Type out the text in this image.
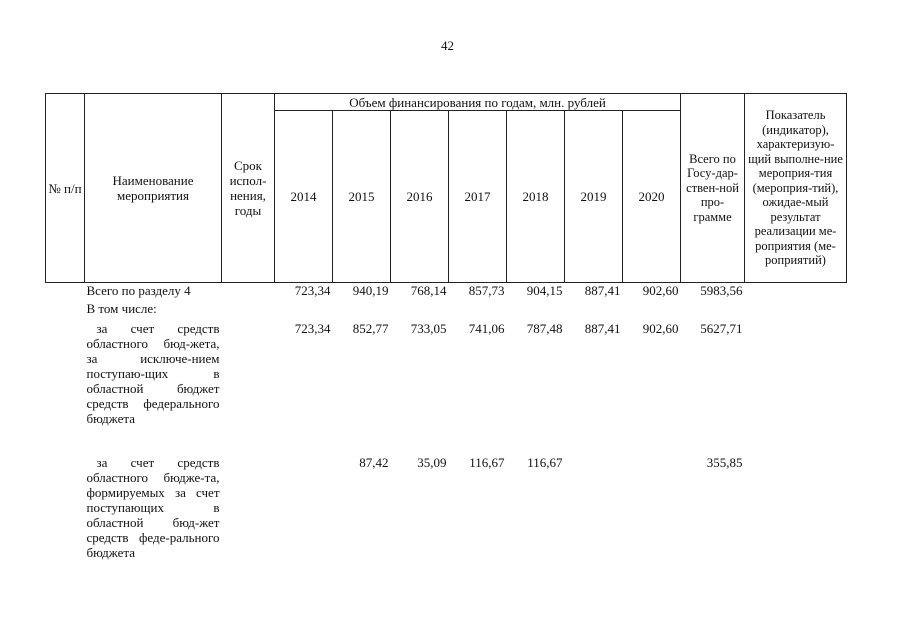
42
№ п/п	Наименование мероприятия	Срок испол-нения, годы	Объем финансирования по годам, млн. рублей							Всего по Госу-дар-ствен-ной про-грамме	Показатель (индикатор), характеризую-щий выполне-ние мероприя-тия (мероприя-тий), ожидае-мый результат реализации ме-роприятия (ме-роприятий)
			2014	2015	2016	2017	2018	2019	2020		
	Всего по разделу 4		723,34	940,19	768,14	857,73	904,15	887,41	902,60	5983,56	
	В том числе:										
	за счет средств областного бюд-жета, за исключе-нием поступаю-щих в областной бюджет средств федерального бюджета		723,34	852,77	733,05	741,06	787,48	887,41	902,60	5627,71	
	за счет средств областного бюдже-та, формируемых за счет поступающих в областной бюд-жет средств феде-рального бюджета			87,42	35,09	116,67	116,67			355,85	
